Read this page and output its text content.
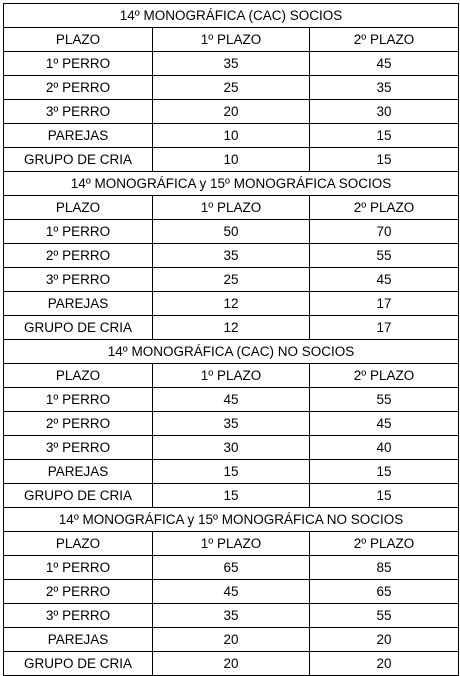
14º MONOGRÁFICA (CAC) SOCIOS		
PLAZO	1º PLAZO	2º PLAZO
1º PERRO	35	45
2º PERRO	25	35
3º PERRO	20	30
PAREJAS	10	15
GRUPO DE CRIA	10	15
14º MONOGRÁFICA y 15º MONOGRÁFICA SOCIOS		
PLAZO	1º PLAZO	2º PLAZO
1º PERRO	50	70
2º PERRO	35	55
3º PERRO	25	45
PAREJAS	12	17
GRUPO DE CRIA	12	17
14º MONOGRÁFICA (CAC) NO SOCIOS		
PLAZO	1º PLAZO	2º PLAZO
1º PERRO	45	55
2º PERRO	35	45
3º PERRO	30	40
PAREJAS	15	15
GRUPO DE CRIA	15	15
14º MONOGRÁFICA y 15º MONOGRÁFICA NO SOCIOS		
PLAZO	1º PLAZO	2º PLAZO
1º PERRO	65	85
2º PERRO	45	65
3º PERRO	35	55
PAREJAS	20	20
GRUPO DE CRIA	20	20
